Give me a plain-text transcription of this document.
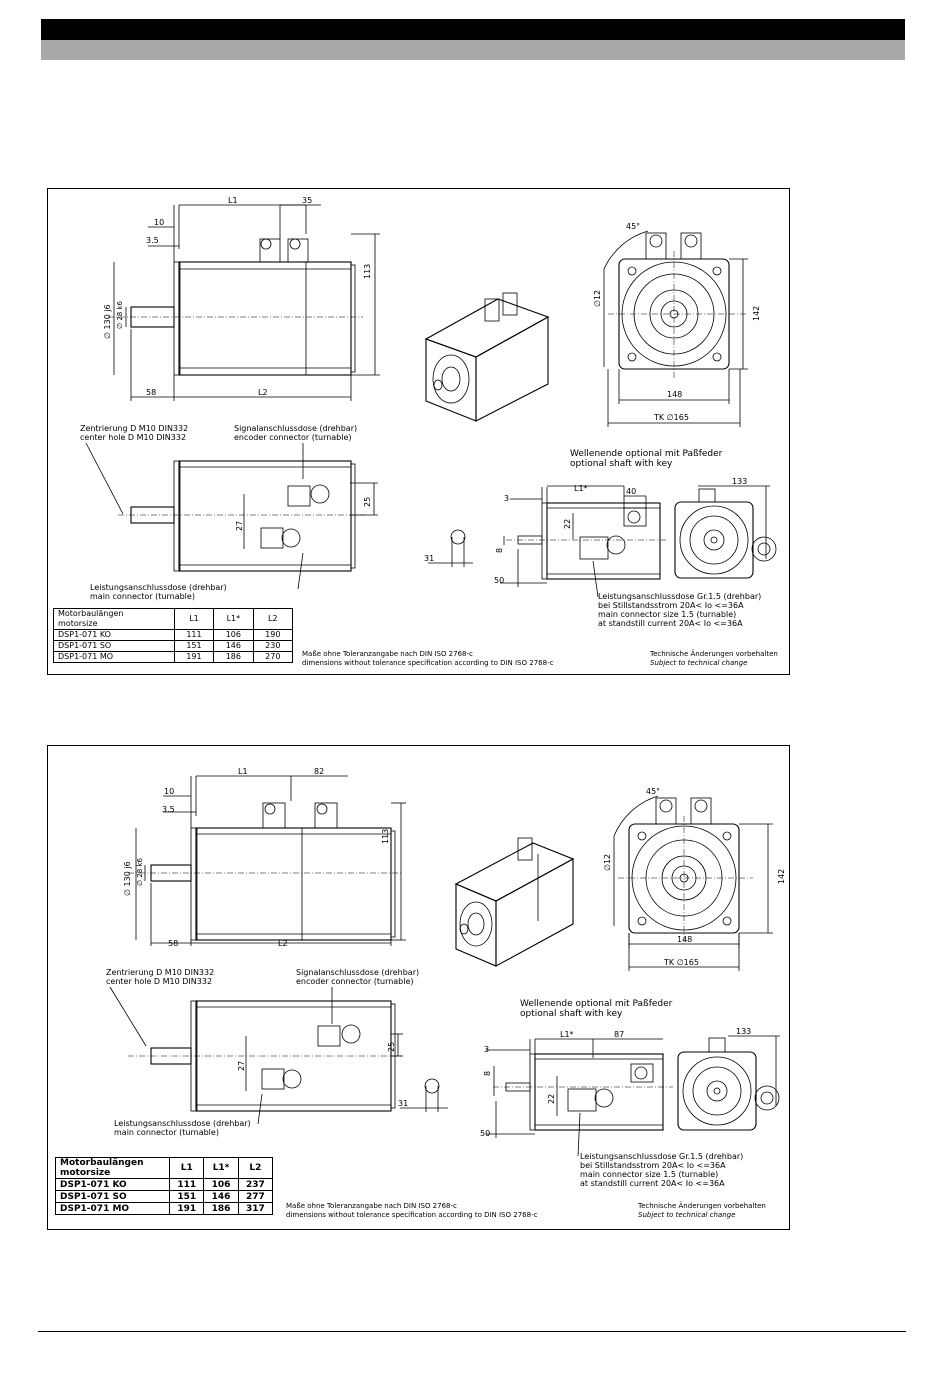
10
3.5
L1	35
113
∅ 130 j6 ∅ 28 k6
58	L2
45°
∅12
142
148
TK ∅165
Zentrierung D M10 DIN332
center hole D M10 DIN332
Signalanschlussdose (drehbar)
encoder connector (turnable)
27
25
Leistungsanschlussdose (drehbar)
main connector (turnable)
31
Wellenende optional mit Paßfeder
optional shaft with key
3
L1*	40
22
8
50
133
Leistungsanschlussdose Gr.1.5 (drehbar)
bei Stillstandsstrom 20A< Io <=36A
main connector size 1.5 (turnable)
at standstill current 20A< Io <=36A
Maße ohne Toleranzangabe nach DIN ISO 2768-c
dimensions without tolerance specification according to DIN ISO 2768-c
Technische Änderungen vorbehalten
Subject to technical change
Motorbaulängen
motorsize	L1	L1*	L2
DSP1-071 KO	111	106	190
DSP1-071 SO	151	146	230
DSP1-071 MO	191	186	270
10
3.5
L1	82
113
∅ 130 j6 ∅ 28 k6
58	L2
45°
∅12
142
148
TK ∅165
Zentrierung D M10 DIN332
center hole D M10 DIN332
Signalanschlussdose (drehbar)
encoder connector (turnable)
27
25
Leistungsanschlussdose (drehbar)
main connector (turnable)
31
Wellenende optional mit Paßfeder
optional shaft with key
3
L1*	87
22
8
50
133
Leistungsanschlussdose Gr.1.5 (drehbar)
bei Stillstandsstrom 20A< Io <=36A
main connector size 1.5 (turnable)
at standstill current 20A< Io <=36A
Maße ohne Toleranzangabe nach DIN ISO 2768-c
dimensions without tolerance specification according to DIN ISO 2768-c
Technische Änderungen vorbehalten
Subject to technical change
Motorbaulängen
motorsize	L1	L1*	L2
DSP1-071 KO	111	106	237
DSP1-071 SO	151	146	277
DSP1-071 MO	191	186	317
